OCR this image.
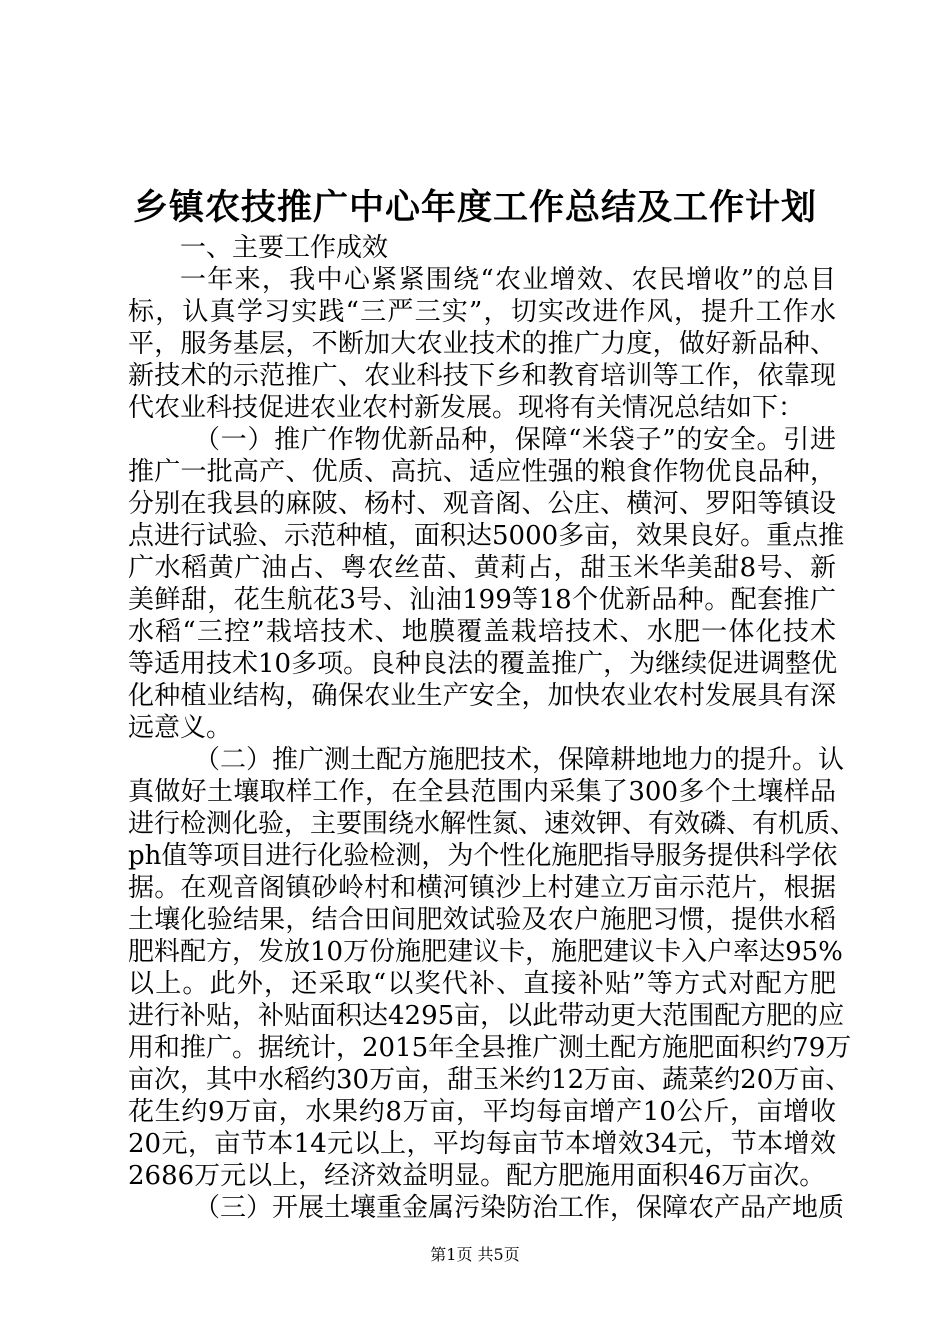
乡镇农技推广中心年度工作总结及工作计划
一、主要工作成效
一年来，我中心紧紧围绕“农业增效、农民增收”的总目
标，认真学习实践“三严三实”，切实改进作风，提升工作水
平，服务基层，不断加大农业技术的推广力度，做好新品种、
新技术的示范推广、农业科技下乡和教育培训等工作，依靠现
代农业科技促进农业农村新发展。现将有关情况总结如下：
（一）推广作物优新品种，保障“米袋子”的安全。引进
推广一批高产、优质、高抗、适应性强的粮食作物优良品种，
分别在我县的麻陂、杨村、观音阁、公庄、横河、罗阳等镇设
点进行试验、示范种植，面积达5000多亩，效果良好。重点推
广水稻黄广油占、粤农丝苗、黄莉占，甜玉米华美甜8号、新
美鲜甜，花生航花3号、汕油199等18个优新品种。配套推广
水稻“三控”栽培技术、地膜覆盖栽培技术、水肥一体化技术
等适用技术10多项。良种良法的覆盖推广，为继续促进调整优
化种植业结构，确保农业生产安全，加快农业农村发展具有深
远意义。
（二）推广测土配方施肥技术，保障耕地地力的提升。认
真做好土壤取样工作，在全县范围内采集了300多个土壤样品
进行检测化验，主要围绕水解性氮、速效钾、有效磷、有机质、
ph值等项目进行化验检测，为个性化施肥指导服务提供科学依
据。在观音阁镇砂岭村和横河镇沙上村建立万亩示范片，根据
土壤化验结果，结合田间肥效试验及农户施肥习惯，提供水稻
肥料配方，发放10万份施肥建议卡，施肥建议卡入户率达95%
以上。此外，还采取“以奖代补、直接补贴”等方式对配方肥
进行补贴，补贴面积达4295亩，以此带动更大范围配方肥的应
用和推广。据统计，2015年全县推广测土配方施肥面积约79万
亩次，其中水稻约30万亩，甜玉米约12万亩、蔬菜约20万亩、
花生约9万亩，水果约8万亩，平均每亩增产10公斤，亩增收
20元，亩节本14元以上，平均每亩节本增效34元，节本增效
2686万元以上，经济效益明显。配方肥施用面积46万亩次。
（三）开展土壤重金属污染防治工作，保障农产品产地质
第1页 共5页
